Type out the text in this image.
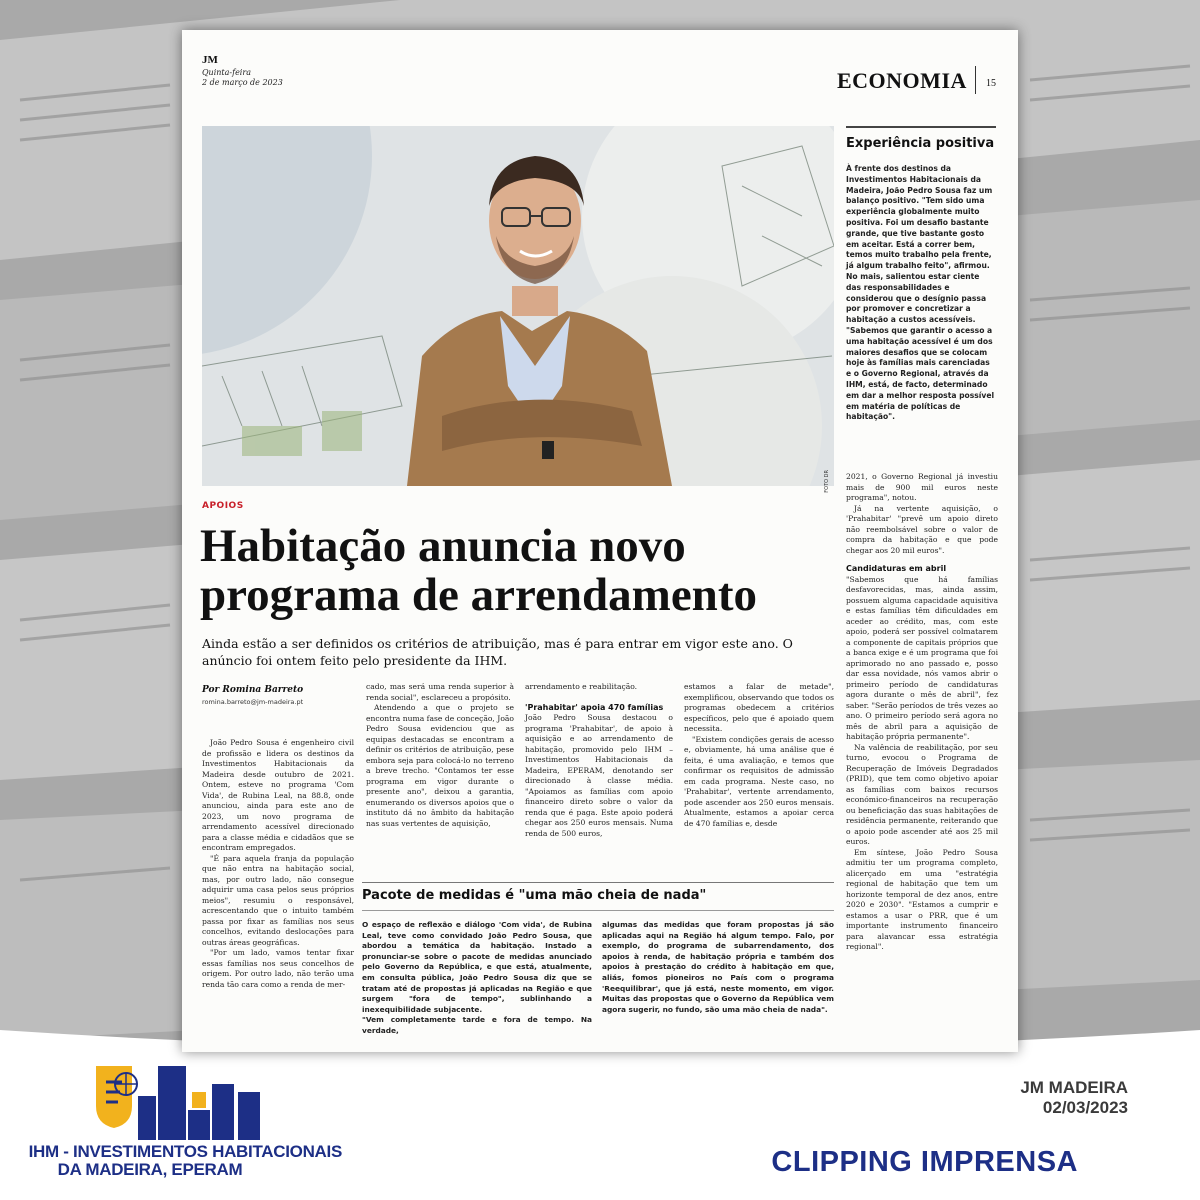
JM
Quinta-feira
2 de março de 2023	ECONOMIA 15
FOTO DR
APOIOS
Habitação anuncia novo programa de arrendamento
Ainda estão a ser definidos os critérios de atribuição, mas é para entrar em vigor este ano. O anúncio foi ontem feito pelo presidente da IHM.
Por Romina Barreto
romina.barreto@jm-madeira.pt

João Pedro Sousa é engenheiro civil de profissão e lidera os destinos da Investimentos Habitacionais da Madeira desde outubro de 2021. Ontem, esteve no programa 'Com Vida', de Rubina Leal, na 88.8, onde anunciou, ainda para este ano de 2023, um novo programa de arrendamento acessível direcionado para a classe média e cidadãos que se encontram empregados.

"É para aquela franja da população que não entra na habitação social, mas, por outro lado, não consegue adquirir uma casa pelos seus próprios meios", resumiu o responsável, acrescentando que o intuito também passa por fixar as famílias nos seus concelhos, evitando deslocações para outras áreas geográficas.

"Por um lado, vamos tentar fixar essas famílias nos seus concelhos de origem. Por outro lado, não terão uma renda tão cara como a renda de mer-

cado, mas será uma renda superior à renda social", esclareceu a propósito.

Atendendo a que o projeto se encontra numa fase de conceção, João Pedro Sousa evidenciou que as equipas destacadas se encontram a definir os critérios de atribuição, pese embora seja para colocá-lo no terreno a breve trecho. "Contamos ter esse programa em vigor durante o presente ano", deixou a garantia, enumerando os diversos apoios que o instituto dá no âmbito da habitação nas suas vertentes de aquisição,

arrendamento e reabilitação.

'Prahabitar' apoia 470 famílias

João Pedro Sousa destacou o programa 'Prahabitar', de apoio à aquisição e ao arrendamento de habitação, promovido pelo IHM – Investimentos Habitacionais da Madeira, EPERAM, denotando ser direcionado à classe média. "Apoiamos as famílias com apoio financeiro direto sobre o valor da renda que é paga. Este apoio poderá chegar aos 250 euros mensais. Numa renda de 500 euros,

estamos a falar de metade", exemplificou, observando que todos os programas obedecem a critérios específicos, pelo que é apoiado quem necessita.

"Existem condições gerais de acesso e, obviamente, há uma análise que é feita, é uma avaliação, e temos que confirmar os requisitos de admissão em cada programa. Neste caso, no 'Prahabitar', vertente arrendamento, pode ascender aos 250 euros mensais. Atualmente, estamos a apoiar cerca de 470 famílias e, desde

Pacote de medidas é "uma mão cheia de nada"

O espaço de reflexão e diálogo 'Com vida', de Rubina Leal, teve como convidado João Pedro Sousa, que abordou a temática da habitação. Instado a pronunciar-se sobre o pacote de medidas anunciado pelo Governo da República, e que está, atualmente, em consulta pública, João Pedro Sousa diz que se tratam até de propostas já aplicadas na Região e que surgem "fora de tempo", sublinhando a inexequibilidade subjacente.

"Vem completamente tarde e fora de tempo. Na verdade,

algumas das medidas que foram propostas já são aplicadas aqui na Região há algum tempo. Falo, por exemplo, do programa de subarrendamento, dos apoios à renda, de habitação própria e também dos apoios à prestação do crédito à habitação em que, aliás, fomos pioneiros no País com o programa 'Reequilibrar', que já está, neste momento, em vigor. Muitas das propostas que o Governo da República vem agora sugerir, no fundo, são uma mão cheia de nada".

Experiência positiva

À frente dos destinos da Investimentos Habitacionais da Madeira, João Pedro Sousa faz um balanço positivo. "Tem sido uma experiência globalmente muito positiva. Foi um desafio bastante grande, que tive bastante gosto em aceitar. Está a correr bem, temos muito trabalho pela frente, já algum trabalho feito", afirmou. No mais, salientou estar ciente das responsabilidades e considerou que o desígnio passa por promover e concretizar a habitação a custos acessíveis. "Sabemos que garantir o acesso a uma habitação acessível é um dos maiores desafios que se colocam hoje às famílias mais carenciadas e o Governo Regional, através da IHM, está, de facto, determinado em dar a melhor resposta possível em matéria de políticas de habitação".

2021, o Governo Regional já investiu mais de 900 mil euros neste programa", notou.

Já na vertente aquisição, o 'Prahabitar' "prevê um apoio direto não reembolsável sobre o valor de compra da habitação e que pode chegar aos 20 mil euros".

Candidaturas em abril

"Sabemos que há famílias desfavorecidas, mas, ainda assim, possuem alguma capacidade aquisitiva e estas famílias têm dificuldades em aceder ao crédito, mas, com este apoio, poderá ser possível colmatarem a componente de capitais próprios que a banca exige e é um programa que foi aprimorado no ano passado e, posso dar essa novidade, nós vamos abrir o primeiro período de candidaturas agora durante o mês de abril", fez saber. "Serão períodos de três vezes ao ano. O primeiro período será agora no mês de abril para a aquisição de habitação própria permanente".

Na valência de reabilitação, por seu turno, evocou o Programa de Recuperação de Imóveis Degradados (PRID), que tem como objetivo apoiar as famílias com baixos recursos económico-financeiros na recuperação ou beneficiação das suas habitações de residência permanente, reiterando que o apoio pode ascender até aos 25 mil euros.

Em síntese, João Pedro Sousa admitiu ter um programa completo, alicerçado em uma "estratégia regional de habitação que tem um horizonte temporal de dez anos, entre 2020 e 2030". "Estamos a cumprir e estamos a usar o PRR, que é um importante instrumento financeiro para alavancar essa estratégia regional".

IHM - INVESTIMENTOS HABITACIONAIS
DA MADEIRA, EPERAM
JM MADEIRA
02/03/2023
CLIPPING IMPRENSA
